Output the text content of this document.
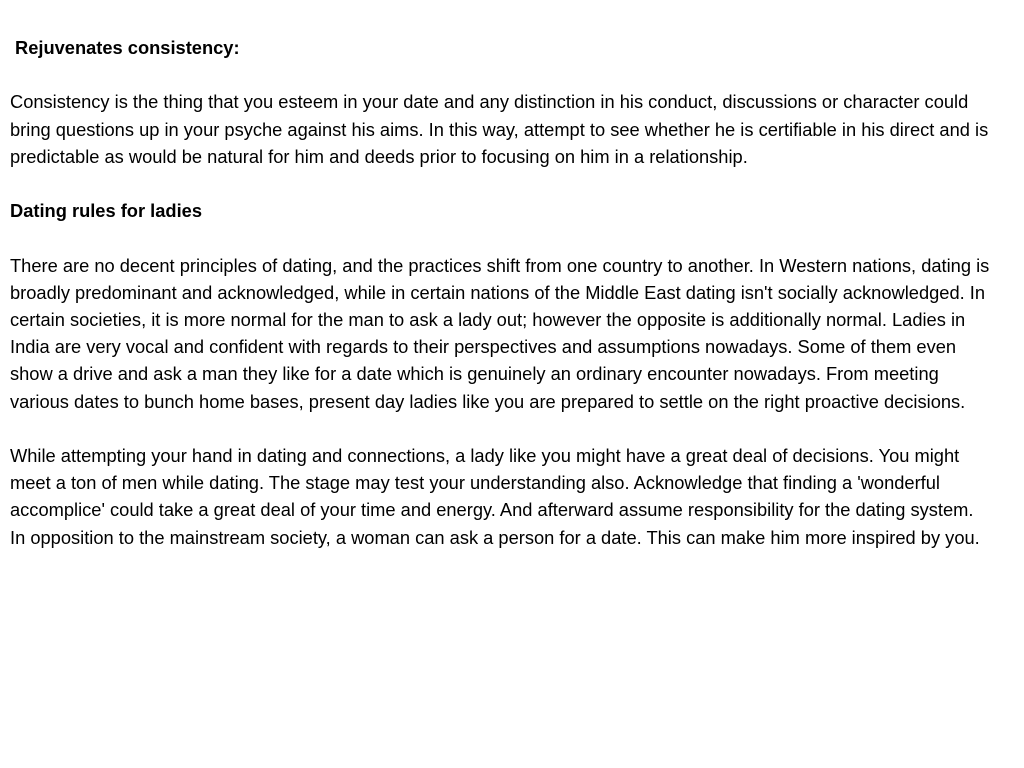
Rejuvenates consistency:

Consistency is the thing that you esteem in your date and any distinction in his conduct, discussions or character could bring questions up in your psyche against his aims. In this way, attempt to see whether he is certifiable in his direct and is predictable as would be natural for him and deeds prior to focusing on him in a relationship.

Dating rules for ladies

There are no decent principles of dating, and the practices shift from one country to another. In Western nations, dating is broadly predominant and acknowledged, while in certain nations of the Middle East dating isn't socially acknowledged. In certain societies, it is more normal for the man to ask a lady out; however the opposite is additionally normal. Ladies in India are very vocal and confident with regards to their perspectives and assumptions nowadays. Some of them even show a drive and ask a man they like for a date which is genuinely an ordinary encounter nowadays. From meeting various dates to bunch home bases, present day ladies like you are prepared to settle on the right proactive decisions.

While attempting your hand in dating and connections, a lady like you might have a great deal of decisions. You might meet a ton of men while dating. The stage may test your understanding also. Acknowledge that finding a 'wonderful accomplice' could take a great deal of your time and energy. And afterward assume responsibility for the dating system.

In opposition to the mainstream society, a woman can ask a person for a date. This can make him more inspired by you.
